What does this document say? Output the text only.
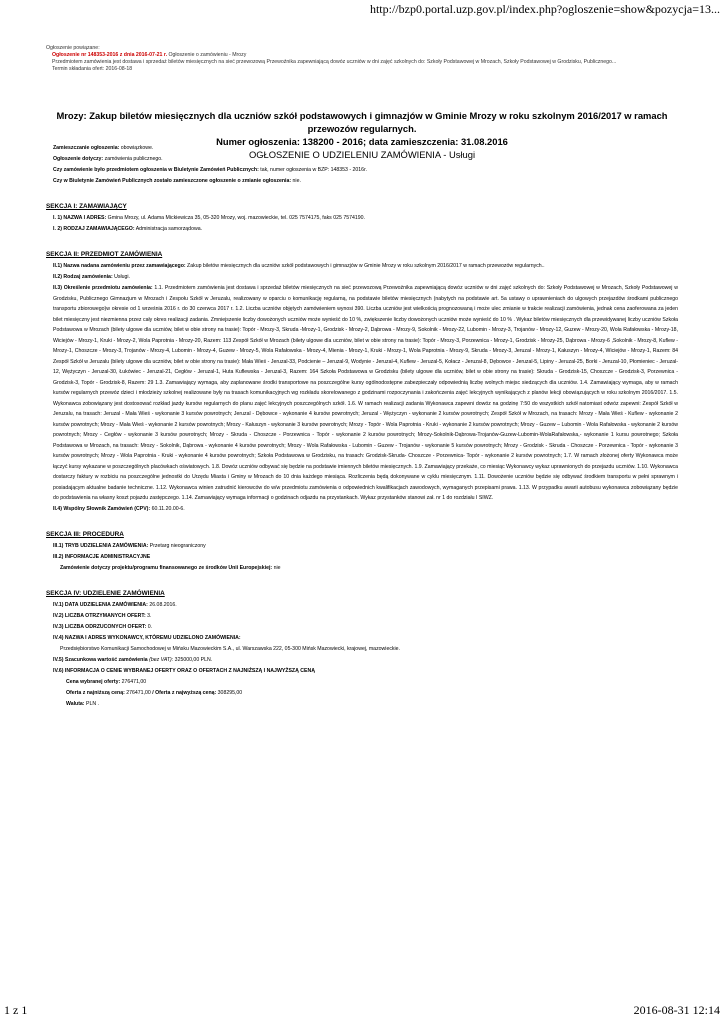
http://bzp0.portal.uzp.gov.pl/index.php?ogloszenie=show&pozycja=13...
Ogłoszenie powiązane:
Ogłoszenie nr 148353-2016 z dnia 2016-07-21 r. Ogłoszenie o zamówieniu - Mrozy
Przedmiotem zamówienia jest dostawa i sprzedaż biletów miesięcznych na sieć przewozową Przewoźnika zapewniającą dowóz uczniów w dni zajęć szkolnych do: Szkoły Podstawowej w Mrozach, Szkoły Podstawowej w Grodzisku, Publicznego...
Termin składania ofert: 2016-08-18
Mrozy: Zakup biletów miesięcznych dla uczniów szkół podstawowych i gimnazjów w Gminie Mrozy w roku szkolnym 2016/2017 w ramach przewozów regularnych.
Numer ogłoszenia: 138200 - 2016; data zamieszczenia: 31.08.2016
OGŁOSZENIE O UDZIELENIU ZAMÓWIENIA - Usługi

Zamieszczanie ogłoszenia: obowiązkowe.

Ogłoszenie dotyczy: zamówienia publicznego.

Czy zamówienie było przedmiotem ogłoszenia w Biuletynie Zamówień Publicznych: tak, numer ogłoszenia w BZP: 148353 - 2016r.

Czy w Biuletynie Zamówień Publicznych zostało zamieszczone ogłoszenie o zmianie ogłoszenia: nie.

SEKCJA I: ZAMAWIAJĄCY

I. 1) NAZWA I ADRES: Gmina Mrozy, ul. Adama Mickiewicza 35, 05-320 Mrozy, woj. mazowieckie, tel. 025 7574175, faks 025 7574190.

I. 2) RODZAJ ZAMAWIAJĄCEGO: Administracja samorządowa.

SEKCJA II: PRZEDMIOT ZAMÓWIENIA

II.1) Nazwa nadana zamówieniu przez zamawiającego: Zakup biletów miesięcznych dla uczniów szkół podstawowych i gimnazjów w Gminie Mrozy w roku szkolnym 2016/2017 w ramach przewozów regularnych..

II.2) Rodzaj zamówienia: Usługi.

II.3) Określenie przedmiotu zamówienia: 1.1. Przedmiotem zamówienia jest dostawa i sprzedaż biletów miesięcznych na sieć przewozową Przewoźnika zapewniającą dowóz uczniów w dni zajęć szkolnych do: Szkoły Podstawowej w Mrozach, Szkoły Podstawowej w Grodzisku, Publicznego Gimnazjum w Mrozach i Zespołu Szkół w Jeruzalu, realizowany w oparciu o komunikację regularną, na podstawie biletów miesięcznych (nabytych na podstawie art. 5a ustawy o uprawnieniach do ulgowych przejazdów środkami publicznego transportu zbiorowego)w okresie od 1 września 2016 r. do 30 czerwca 2017 r. 1.2. Liczba uczniów objętych zamówieniem wynosi 390. Liczba uczniów jest wielkością prognozowaną i może ulec zmianie w trakcie realizacji zamówienia, jednak cena zaoferowana za jeden bilet miesięczny jest niezmienna przez cały okres realizacji zadania. Zmniejszenie liczby dowożonych uczniów może wynieść do 10 %, zwiększenie liczby dowożonych uczniów może wynieść do 10 % . Wykaz biletów miesięcznych dla przewidywanej liczby uczniów Szkoła Podstawowa w Mrozach (bilety ulgowe dla uczniów, bilet w obie strony na trasie): Topór - Mrozy-3, Skruda -Mrozy-1, Grodzisk - Mrozy-2, Dąbrowa - Mrozy-9, Sokolnik - Mrozy-22, Lubomin - Mrozy-3, Trojanów - Mrozy-12, Guzew - Mrozy-20, Wola Rafałowska - Mrozy-18, Wiciejów - Mrozy-1, Kruki - Mrozy-2, Wola Paprotnia - Mrozy-20, Razem: 113 Zespół Szkół w Mrozach (bilety ulgowe dla uczniów, bilet w obie strony na trasie): Topór - Mrozy-3, Porzewnica - Mrozy-1, Grodzisk - Mrozy-25, Dąbrowa - Mrozy-6 ,Sokolnik - Mrozy-8, Kuflew - Mrozy-1, Choszcze - Mrozy-3, Trojanów - Mrozy-4, Lubomin - Mrozy-4, Guzew - Mrozy-5, Wola Rafałowska - Mrozy-4, Mienia - Mrozy-1, Kruki - Mrozy-1, Wola Paprotnia - Mrozy-9, Skruda - Mrozy-3, Jeruzal - Mrozy-1, Kałuszyn - Mrozy-4, Wiciejów - Mrozy-1, Razem: 84 Zespół Szkół w Jeruzalu (bilety ulgowe dla uczniów, bilet w obie strony na trasie): Mała Wieś - Jeruzal-33, Podcienie – Jeruzal-9, Wodynie - Jeruzal-4, Kuflew - Jeruzal-5, Kołacz - Jeruzal-8, Dębowce - Jeruzal-5, Lipiny - Jeruzal-25, Borki - Jeruzal-10, Płomieniec - Jeruzal-12, Wężyczyn - Jeruzal-30, Łukówiec - Jeruzal-21, Cegłów - Jeruzal-1, Huta Kuflewska - Jeruzal-3, Razem: 164 Szkoła Podstawowa w Grodzisku (bilety ulgowe dla uczniów, bilet w obie strony na trasie): Skruda - Grodzisk-15, Choszcze - Grodzisk-3, Porzewnica - Grodzisk-3, Topór - Grodzisk-8, Razem: 29 1.3. Zamawiający wymaga, aby zaplanowane środki transportowe na poszczególne kursy ogólnodostępne zabezpieczały odpowiednią liczbę wolnych miejsc siedzących dla uczniów. 1.4. Zamawiający wymaga, aby w ramach kursów regularnych przewóz dzieci i młodzieży szkolnej realizowane były na trasach komunikacyjnych wg rozkładu skorelowanego z godzinami rozpoczynania i zakończenia zajęć lekcyjnych wynikających z planów lekcji obowiązujących w roku szkolnym 2016/2017. 1.5. Wykonawca zobowiązany jest dostosować rozkład jazdy kursów regularnych do planu zajęć lekcyjnych poszczególnych szkół. 1.6. W ramach realizacji zadania Wykonawca zapewni dowóz na godzinę 7:50 do wszystkich szkół natomiast odwóz zapewni: Zespół Szkół w Jeruzalu, na trasach: Jeruzal - Mała Wieś - wykonanie 3 kursów powrotnych; Jeruzal - Dębowce - wykonanie 4 kursów powrotnych; Jeruzal - Wężyczyn - wykonanie 2 kursów powrotnych; Zespół Szkół w Mrozach, na trasach: Mrozy - Mała Wieś - Kuflew - wykonanie 2 kursów powrotnych; Mrozy - Mała Wieś - wykonanie 2 kursów powrotnych; Mrozy - Kałuszyn - wykonanie 3 kursów powrotnych; Mrozy - Topór - Wola Paprotnia - Kruki - wykonanie 2 kursów powrotnych; Mrozy - Guzew – Lubomin - Wola Rafałowska - wykonanie 2 kursów powrotnych; Mrozy - Cegłów - wykonanie 3 kursów powrotnych; Mrozy - Skruda - Choszcze - Porzewnica - Topór - wykonanie 2 kursów powrotnych; Mrozy-Sokolnik-Dąbrowa-Trojanów-Guzew-Lubomin-WolaRafałowska,- wykonanie 1 kursu powrotnego; Szkoła Podstawowa w Mrozach, na trasach: Mrozy - Sokolnik, Dąbrowa - wykonanie 4 kursów powrotnych; Mrozy - Wola Rafałowska - Lubomin - Guzew - Trojanów - wykonanie 5 kursów powrotnych; Mrozy - Grodzisk - Skruda - Choszcze - Porzewnica - Topór - wykonanie 3 kursów powrotnych; Mrozy - Wola Paprotnia - Kruki - wykonanie 4 kursów powrotnych; Szkoła Podstawowa w Grodzisku, na trasach: Grodzisk-Skruda- Choszcze - Porzewnica- Topór - wykonanie 2 kursów powrotnych; 1.7. W ramach złożonej oferty Wykonawca może łączyć kursy wykazane w poszczególnych placówkach oświatowych. 1.8. Dowóz uczniów odbywać się będzie na podstawie imiennych biletów miesięcznych. 1.9. Zamawiający przekaże, co miesiąc Wykonawcy wykaz uprawnionych do przejazdu uczniów. 1.10. Wykonawca dostarczy faktury w rozbiciu na poszczególne jednostki do Urzędu Miasta i Gminy w Mrozach do 10 dnia każdego miesiąca. Rozliczenia będą dokonywane w cyklu miesięcznym. 1.11. Dowożenie uczniów będzie się odbywać środkiem transportu w pełni sprawnym i posiadającym aktualne badanie techniczne. 1.12. Wykonawca winien zatrudnić kierowców do w/w przedmiotu zamówienia o odpowiednich kwalifikacjach zawodowych, wymaganych przepisami prawa. 1.13. W przypadku awarii autobusu wykonawca zobowiązany będzie do podstawienia na własny koszt pojazdu zastępczego. 1.14. Zamawiający wymaga informacji o godzinach odjazdu na przystankach. Wykaz przystanków stanowi zał. nr 1 do rozdziału I SIWZ.

II.4) Wspólny Słownik Zamówień (CPV): 60.11.20.00-6.

SEKCJA III: PROCEDURA

III.1) TRYB UDZIELENIA ZAMÓWIENIA: Przetarg nieograniczony

III.2) INFORMACJE ADMINISTRACYJNE

Zamówienie dotyczy projektu/programu finansowanego ze środków Unii Europejskiej: nie

SEKCJA IV: UDZIELENIE ZAMÓWIENIA

IV.1) DATA UDZIELENIA ZAMÓWIENIA: 26.08.2016.

IV.2) LICZBA OTRZYMANYCH OFERT: 3.

IV.3) LICZBA ODRZUCONYCH OFERT: 0.

IV.4) NAZWA I ADRES WYKONAWCY, KTÓREMU UDZIELONO ZAMÓWIENIA:

Przedsiębiorstwo Komunikacji Samochodowej w Mińsku Mazowieckim S.A., ul. Warszawska 222, 05-300 Mińsk Mazowiecki, krajowej, mazowieckie.

IV.5) Szacunkowa wartość zamówienia (bez VAT): 325000,00 PLN.

IV.6) INFORMACJA O CENIE WYBRANEJ OFERTY ORAZ O OFERTACH Z NAJNIŻSZĄ I NAJWYŻSZĄ CENĄ

Cena wybranej oferty: 276471,00

Oferta z najniższą ceną: 276471,00 / Oferta z najwyższą ceną: 308295,00

Waluta: PLN .

1 z 1	2016-08-31 12:14
